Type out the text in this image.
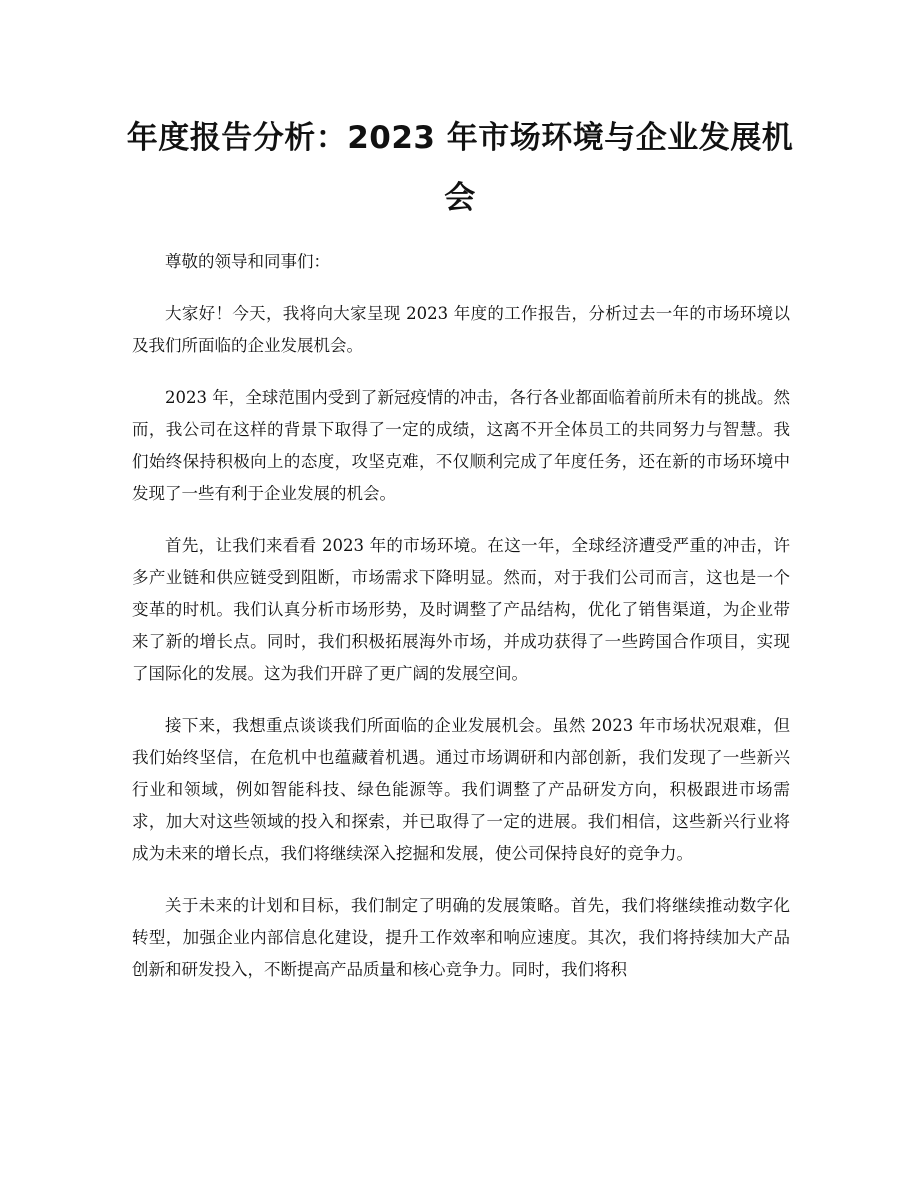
年度报告分析：2023 年市场环境与企业发展机会

尊敬的领导和同事们：

大家好！今天，我将向大家呈现 2023 年度的工作报告，分析过去一年的市场环境以及我们所面临的企业发展机会。

2023 年，全球范围内受到了新冠疫情的冲击，各行各业都面临着前所未有的挑战。然而，我公司在这样的背景下取得了一定的成绩，这离不开全体员工的共同努力与智慧。我们始终保持积极向上的态度，攻坚克难，不仅顺利完成了年度任务，还在新的市场环境中发现了一些有利于企业发展的机会。

首先，让我们来看看 2023 年的市场环境。在这一年，全球经济遭受严重的冲击，许多产业链和供应链受到阻断，市场需求下降明显。然而，对于我们公司而言，这也是一个变革的时机。我们认真分析市场形势，及时调整了产品结构，优化了销售渠道，为企业带来了新的增长点。同时，我们积极拓展海外市场，并成功获得了一些跨国合作项目，实现了国际化的发展。这为我们开辟了更广阔的发展空间。

接下来，我想重点谈谈我们所面临的企业发展机会。虽然 2023 年市场状况艰难，但我们始终坚信，在危机中也蕴藏着机遇。通过市场调研和内部创新，我们发现了一些新兴行业和领域，例如智能科技、绿色能源等。我们调整了产品研发方向，积极跟进市场需求，加大对这些领域的投入和探索，并已取得了一定的进展。我们相信，这些新兴行业将成为未来的增长点，我们将继续深入挖掘和发展，使公司保持良好的竞争力。

关于未来的计划和目标，我们制定了明确的发展策略。首先，我们将继续推动数字化转型，加强企业内部信息化建设，提升工作效率和响应速度。其次，我们将持续加大产品创新和研发投入，不断提高产品质量和核心竞争力。同时，我们将积
